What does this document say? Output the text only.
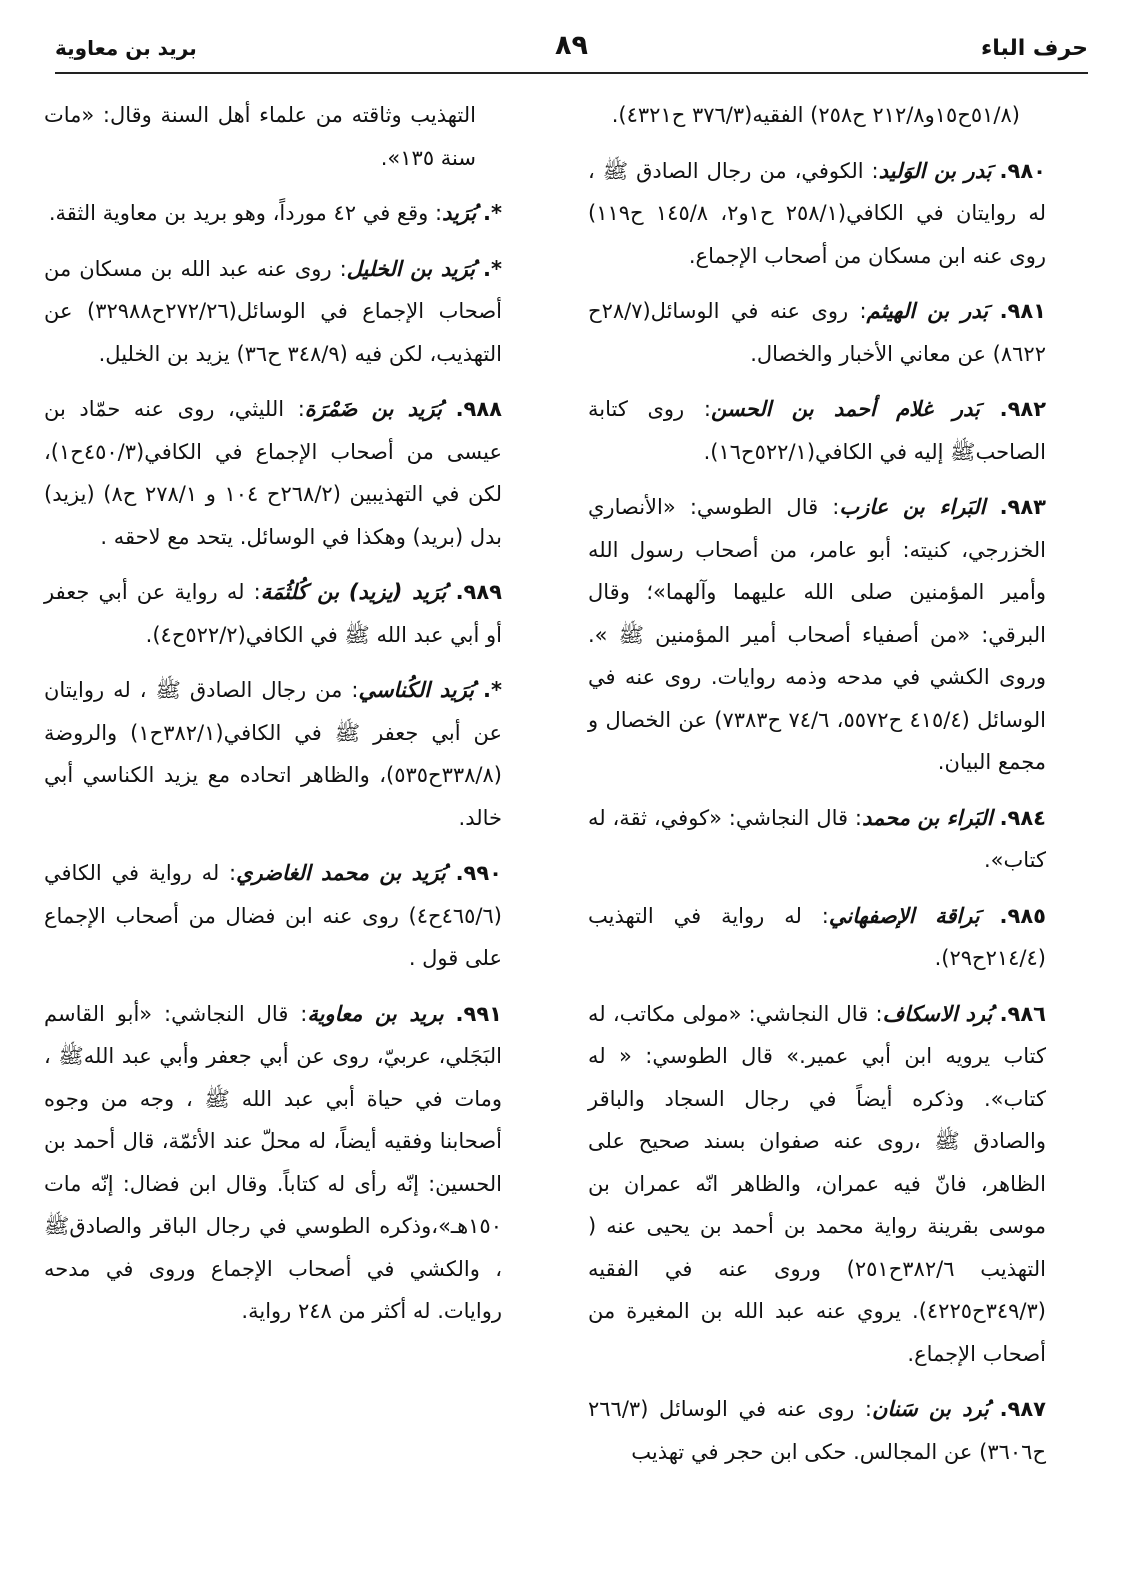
حرف الباء
٨٩
بريد بن معاوية

(٥١/٨ح١٥و٢١٢/٨ ح٢٥٨) الفقيه(٣٧٦/٣ ح٤٣٢١).

٩٨٠. بَدر بن الوَليد: الكوفي، من رجال الصادق ﷺ ، له روايتان في الكافي(٢٥٨/١ ح١و٢، ١٤٥/٨ ح١١٩) روى عنه ابن مسكان من أصحاب الإجماع.

٩٨١. بَدر بن الهيثم: روى عنه في الوسائل(٢٨/٧ح ٨٦٢٢) عن معاني الأخبار والخصال.

٩٨٢. بَدر غلام أحمد بن الحسن: روى كتابة الصاحبﷺ إليه في الكافي(٥٢٢/١ح١٦).

٩٨٣. البَراء بن عازب: قال الطوسي: «الأنصاري الخزرجي، كنيته: أبو عامر، من أصحاب رسول الله وأمير المؤمنين صلى الله عليهما وآلهما»؛ وقال البرقي: «من أصفياء أصحاب أمير المؤمنين ﷺ ». وروى الكشي في مدحه وذمه روايات. روى عنه في الوسائل (٤١٥/٤ ح٥٥٧٢، ٧٤/٦ ح٧٣٨٣) عن الخصال و مجمع البيان.

٩٨٤. البَراء بن محمد: قال النجاشي: «كوفي، ثقة، له كتاب».

٩٨٥. بَراقة الإصفهاني: له رواية في التهذيب (٢١٤/٤ح٢٩).

٩٨٦. بُرد الاسكاف: قال النجاشي: «مولى مكاتب، له كتاب يرويه ابن أبي عمير.» قال الطوسي: « له كتاب». وذكره أيضاً في رجال السجاد والباقر والصادق ﷺ ،روى عنه صفوان بسند صحيح على الظاهر، فانّ فيه عمران، والظاهر انّه عمران بن موسى بقرينة رواية محمد بن أحمد بن يحيى عنه ( التهذيب ٣٨٢/٦ح٢٥١) وروى عنه في الفقيه (٣٤٩/٣ح٤٢٢٥). يروي عنه عبد الله بن المغيرة من أصحاب الإجماع.

٩٨٧. بُرد بن سَنان: روى عنه في الوسائل (٢٦٦/٣ ح٣٦٠٦) عن المجالس. حكى ابن حجر في تهذيب

التهذيب وثاقته من علماء أهل السنة وقال: «مات سنة ١٣٥».

*. بُرَيد: وقع في ٤٢ مورداً، وهو بريد بن معاوية الثقة.

*. بُرَيد بن الخليل: روى عنه عبد الله بن مسكان من أصحاب الإجماع في الوسائل(٢٧٢/٢٦ح٣٢٩٨٨) عن التهذيب، لكن فيه (٣٤٨/٩ ح٣٦) يزيد بن الخليل.

٩٨٨. بُرَيد بن ضَمْرَة: الليثي، روى عنه حمّاد بن عيسى من أصحاب الإجماع في الكافي(٤٥٠/٣ح١)، لكن في التهذيبين (٢٦٨/٢ح ١٠٤ و ٢٧٨/١ ح٨) (يزيد) بدل (بريد) وهكذا في الوسائل. يتحد مع لاحقه .

٩٨٩. بُرَيد (يزيد) بن كُلثُمَة: له رواية عن أبي جعفر أو أبي عبد الله ﷺ في الكافي(٥٢٢/٢ح٤).

*. بُرَيد الكُناسي: من رجال الصادق ﷺ ، له روايتان عن أبي جعفر ﷺ في الكافي(٣٨٢/١ح١) والروضة (٣٣٨/٨ح٥٣٥)، والظاهر اتحاده مع يزيد الكناسي أبي خالد.

٩٩٠. بُرَيد بن محمد الغاضري: له رواية في الكافي (٤٦٥/٦ح٤) روى عنه ابن فضال من أصحاب الإجماع على قول .

٩٩١. بريد بن معاوية: قال النجاشي: «أبو القاسم البَجَلي، عربيّ، روى عن أبي جعفر وأبي عبد اللهﷺ ، ومات في حياة أبي عبد الله ﷺ ، وجه من وجوه أصحابنا وفقيه أيضاً، له محلّ عند الأئمّة، قال أحمد بن الحسين: إنّه رأى له كتاباً. وقال ابن فضال: إنّه مات ١٥٠هـ»،وذكره الطوسي في رجال الباقر والصادقﷺ ، والكشي في أصحاب الإجماع وروى في مدحه روايات. له أكثر من ٢٤٨ رواية.
